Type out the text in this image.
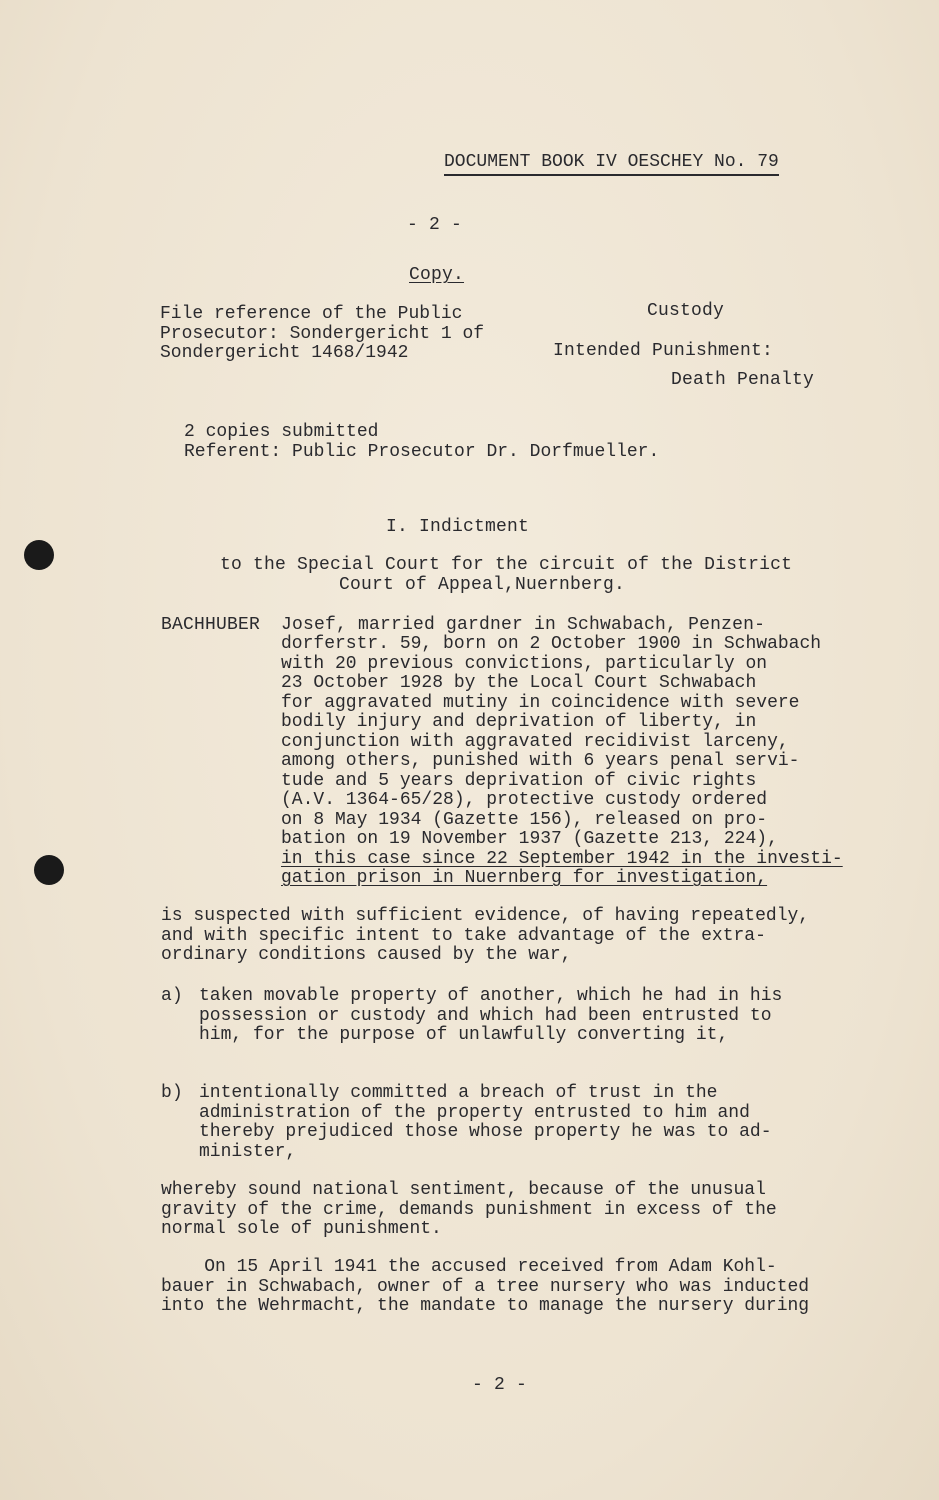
DOCUMENT BOOK IV OESCHEY No. 79
- 2 -
Copy.
File reference of the Public
Prosecutor: Sondergericht 1 of
Sondergericht 1468/1942
Custody
Intended Punishment:
Death Penalty
2 copies submitted
Referent: Public Prosecutor Dr. Dorfmueller.
I. Indictment
to the Special Court for the circuit of the District
Court of Appeal,Nuernberg.
BACHHUBER Josef, married gardner in Schwabach, Penzen-
dorferstr. 59, born on 2 October 1900 in Schwabach
with 20 previous convictions, particularly on
23 October 1928 by the Local Court Schwabach
for aggravated mutiny in coincidence with severe
bodily injury and deprivation of liberty, in
conjunction with aggravated recidivist larceny,
among others, punished with 6 years penal servi-
tude and 5 years deprivation of civic rights
(A.V. 1364-65/28), protective custody ordered
on 8 May 1934 (Gazette 156), released on pro-
bation on 19 November 1937 (Gazette 213, 224),
in this case since 22 September 1942 in the investi-
gation prison in Nuernberg for investigation,
is suspected with sufficient evidence, of having repeatedly,
and with specific intent to take advantage of the extra-
ordinary conditions caused by the war,
a) taken movable property of another, which he had in his
possession or custody and which had been entrusted to
him, for the purpose of unlawfully converting it,
b) intentionally committed a breach of trust in the
administration of the property entrusted to him and
thereby prejudiced those whose property he was to ad-
minister,
whereby sound national sentiment, because of the unusual
gravity of the crime, demands punishment in excess of the
normal sole of punishment.
On 15 April 1941 the accused received from Adam Kohl-
bauer in Schwabach, owner of a tree nursery who was inducted
into the Wehrmacht, the mandate to manage the nursery during
- 2 -
